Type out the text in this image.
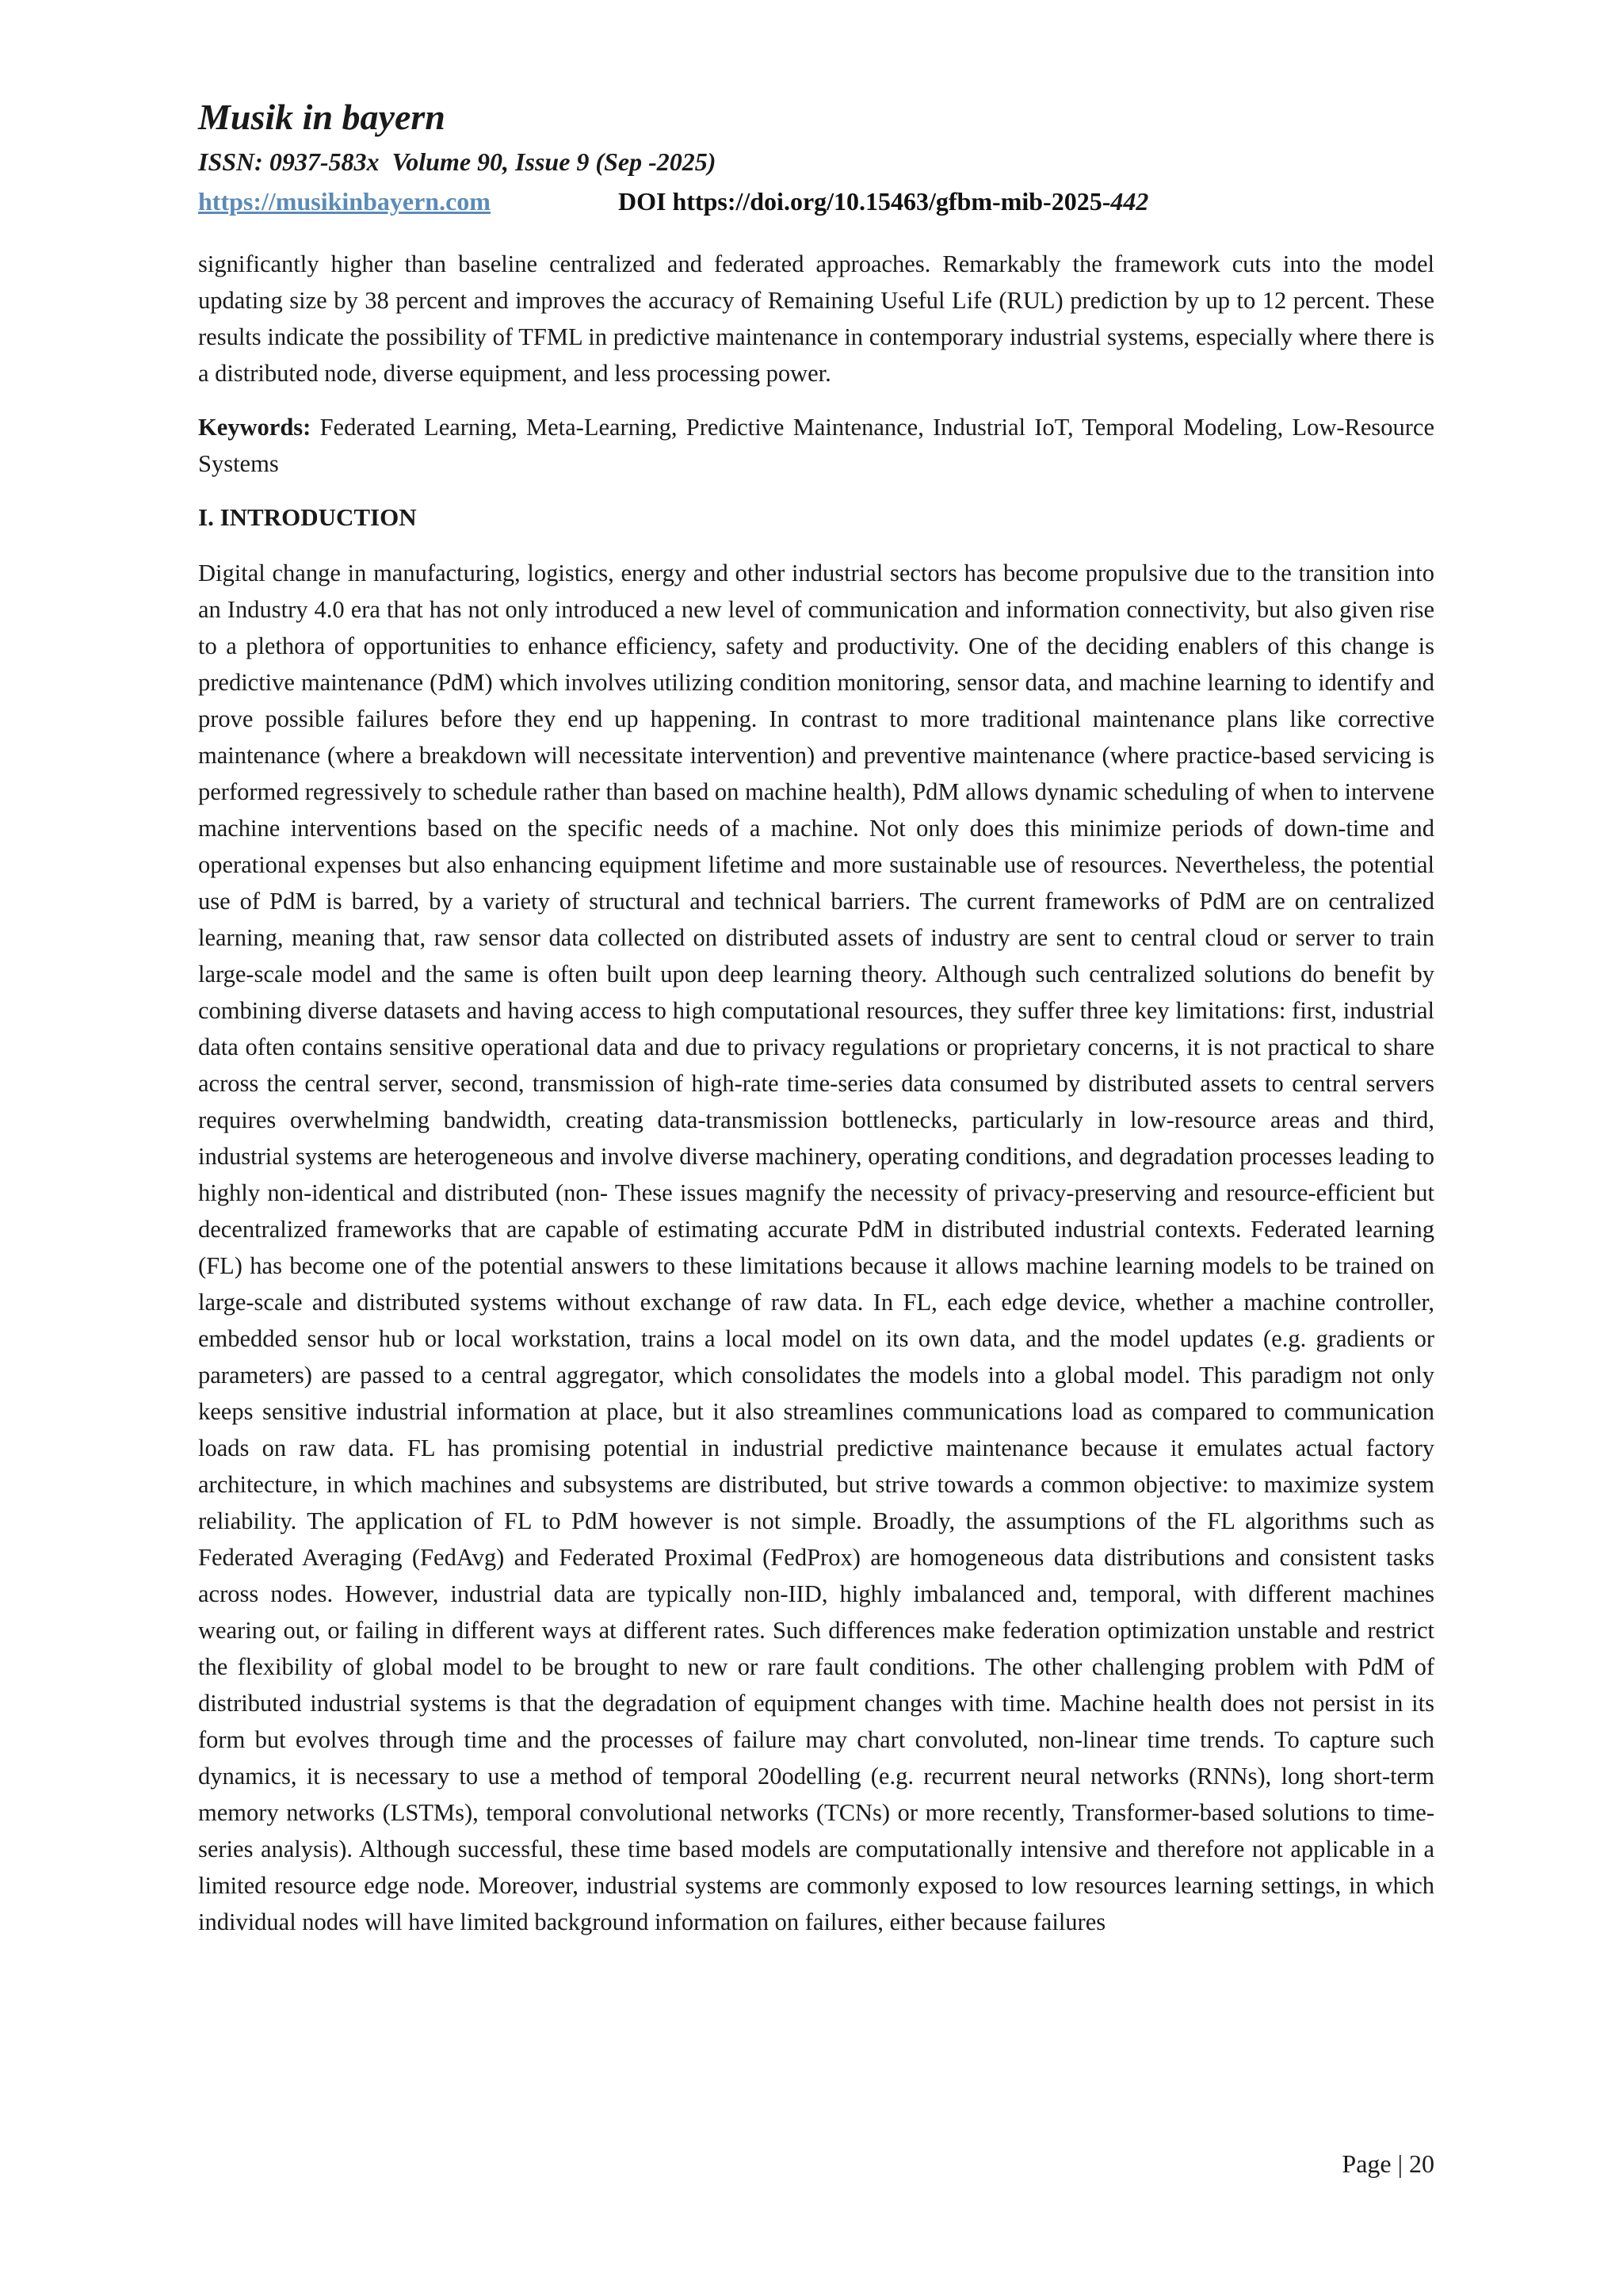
Musik in bayern
ISSN: 0937-583x  Volume 90, Issue 9 (Sep -2025)
https://musikinbayern.com	DOI https://doi.org/10.15463/gfbm-mib-2025-442

significantly higher than baseline centralized and federated approaches. Remarkably the framework cuts into the model updating size by 38 percent and improves the accuracy of Remaining Useful Life (RUL) prediction by up to 12 percent. These results indicate the possibility of TFML in predictive maintenance in contemporary industrial systems, especially where there is a distributed node, diverse equipment, and less processing power.

Keywords: Federated Learning, Meta-Learning, Predictive Maintenance, Industrial IoT, Temporal Modeling, Low-Resource Systems

I. INTRODUCTION

Digital change in manufacturing, logistics, energy and other industrial sectors has become propulsive due to the transition into an Industry 4.0 era that has not only introduced a new level of communication and information connectivity, but also given rise to a plethora of opportunities to enhance efficiency, safety and productivity. One of the deciding enablers of this change is predictive maintenance (PdM) which involves utilizing condition monitoring, sensor data, and machine learning to identify and prove possible failures before they end up happening. In contrast to more traditional maintenance plans like corrective maintenance (where a breakdown will necessitate intervention) and preventive maintenance (where practice-based servicing is performed regressively to schedule rather than based on machine health), PdM allows dynamic scheduling of when to intervene machine interventions based on the specific needs of a machine. Not only does this minimize periods of down-time and operational expenses but also enhancing equipment lifetime and more sustainable use of resources. Nevertheless, the potential use of PdM is barred, by a variety of structural and technical barriers. The current frameworks of PdM are on centralized learning, meaning that, raw sensor data collected on distributed assets of industry are sent to central cloud or server to train large-scale model and the same is often built upon deep learning theory. Although such centralized solutions do benefit by combining diverse datasets and having access to high computational resources, they suffer three key limitations: first, industrial data often contains sensitive operational data and due to privacy regulations or proprietary concerns, it is not practical to share across the central server, second, transmission of high-rate time-series data consumed by distributed assets to central servers requires overwhelming bandwidth, creating data-transmission bottlenecks, particularly in low-resource areas and third, industrial systems are heterogeneous and involve diverse machinery, operating conditions, and degradation processes leading to highly non-identical and distributed (non- These issues magnify the necessity of privacy-preserving and resource-efficient but decentralized frameworks that are capable of estimating accurate PdM in distributed industrial contexts. Federated learning (FL) has become one of the potential answers to these limitations because it allows machine learning models to be trained on large-scale and distributed systems without exchange of raw data. In FL, each edge device, whether a machine controller, embedded sensor hub or local workstation, trains a local model on its own data, and the model updates (e.g. gradients or parameters) are passed to a central aggregator, which consolidates the models into a global model. This paradigm not only keeps sensitive industrial information at place, but it also streamlines communications load as compared to communication loads on raw data. FL has promising potential in industrial predictive maintenance because it emulates actual factory architecture, in which machines and subsystems are distributed, but strive towards a common objective: to maximize system reliability. The application of FL to PdM however is not simple. Broadly, the assumptions of the FL algorithms such as Federated Averaging (FedAvg) and Federated Proximal (FedProx) are homogeneous data distributions and consistent tasks across nodes. However, industrial data are typically non-IID, highly imbalanced and, temporal, with different machines wearing out, or failing in different ways at different rates. Such differences make federation optimization unstable and restrict the flexibility of global model to be brought to new or rare fault conditions. The other challenging problem with PdM of distributed industrial systems is that the degradation of equipment changes with time. Machine health does not persist in its form but evolves through time and the processes of failure may chart convoluted, non-linear time trends. To capture such dynamics, it is necessary to use a method of temporal 20odelling (e.g. recurrent neural networks (RNNs), long short-term memory networks (LSTMs), temporal convolutional networks (TCNs) or more recently, Transformer-based solutions to time-series analysis). Although successful, these time based models are computationally intensive and therefore not applicable in a limited resource edge node. Moreover, industrial systems are commonly exposed to low resources learning settings, in which individual nodes will have limited background information on failures, either because failures

Page | 20
